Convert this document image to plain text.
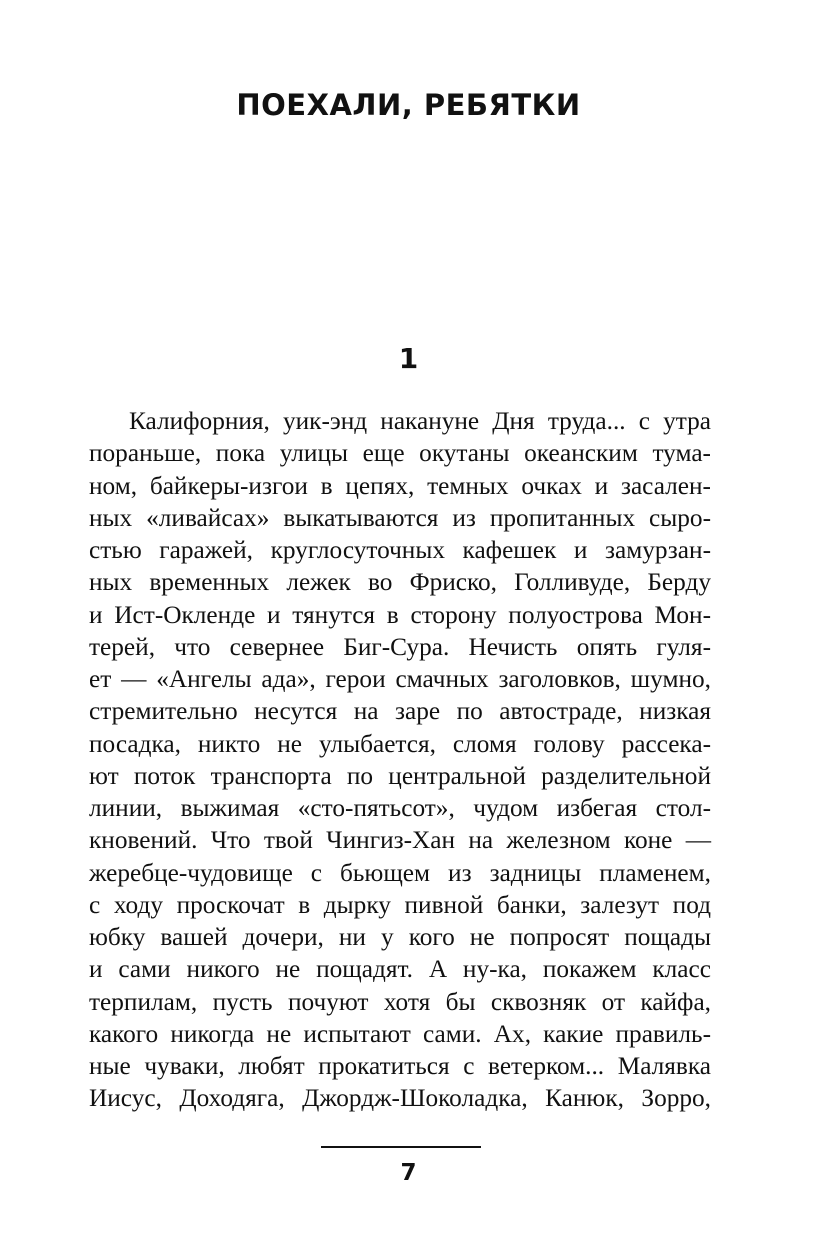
ПОЕХАЛИ, РЕБЯТКИ
1
Калифорния, уик-энд накануне Дня труда... с утра
пораньше, пока улицы еще окутаны океанским тума-
ном, байкеры-изгои в цепях, темных очках и засален-
ных «ливайсах» выкатываются из пропитанных сыро-
стью гаражей, круглосуточных кафешек и замурзан-
ных временных лежек во Фриско, Голливуде, Берду
и Ист-Окленде и тянутся в сторону полуострова Мон-
терей, что севернее Биг-Сура. Нечисть опять гуля-
ет — «Ангелы ада», герои смачных заголовков, шумно,
стремительно несутся на заре по автостраде, низкая
посадка, никто не улыбается, сломя голову рассека-
ют поток транспорта по центральной разделительной
линии, выжимая «сто-пятьсот», чудом избегая стол-
кновений. Что твой Чингиз-Хан на железном коне —
жеребце-чудовище с бьющем из задницы пламенем,
с ходу проскочат в дырку пивной банки, залезут под
юбку вашей дочери, ни у кого не попросят пощады
и сами никого не пощадят. А ну-ка, покажем класс
терпилам, пусть почуют хотя бы сквозняк от кайфа,
какого никогда не испытают сами. Ах, какие правиль-
ные чуваки, любят прокатиться с ветерком... Малявка
Иисус, Доходяга, Джордж-Шоколадка, Канюк, Зорро,
7
